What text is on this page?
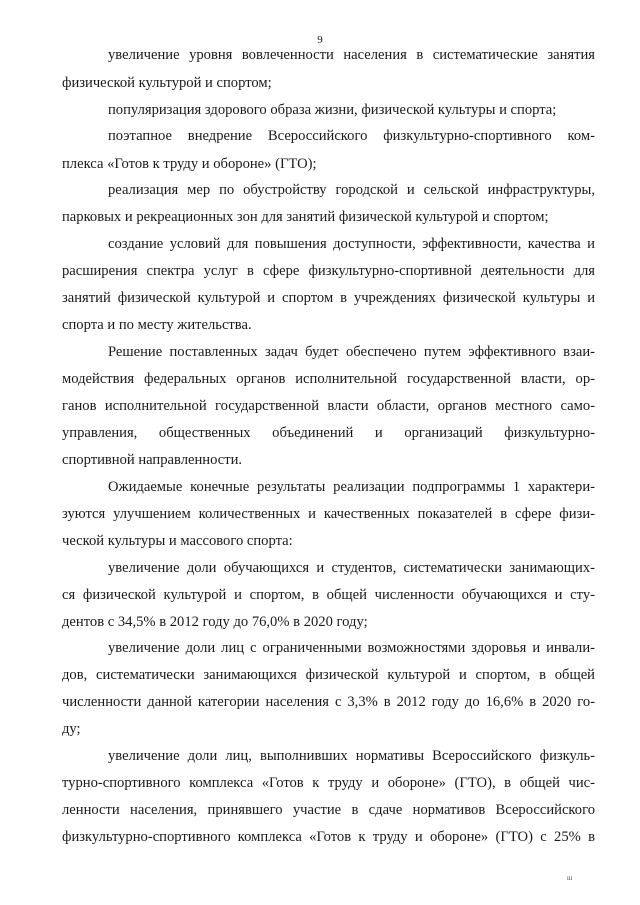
9
увеличение уровня вовлеченности населения в систематические занятия
физической культурой и спортом;
популяризация здорового образа жизни, физической культуры и спорта;
поэтапное внедрение Всероссийского физкультурно-спортивного ком-
плекса «Готов к труду и обороне» (ГТО);
реализация мер по обустройству городской и сельской инфраструктуры,
парковых и рекреационных зон для занятий физической культурой и спортом;
создание условий для повышения доступности, эффективности, качества и
расширения спектра услуг в сфере физкультурно-спортивной деятельности для
занятий физической культурой и спортом в учреждениях физической культуры и
спорта и по месту жительства.
Решение поставленных задач будет обеспечено путем эффективного взаи-
модействия федеральных органов исполнительной государственной власти, ор-
ганов исполнительной государственной власти области, органов местного само-
управления, общественных объединений и организаций физкультурно-
спортивной направленности.
Ожидаемые конечные результаты реализации подпрограммы 1 характери-
зуются улучшением количественных и качественных показателей в сфере физи-
ческой культуры и массового спорта:
увеличение доли обучающихся и студентов, систематически занимающих-
ся физической культурой и спортом, в общей численности обучающихся и сту-
дентов с 34,5% в 2012 году до 76,0% в 2020 году;
увеличение доли лиц с ограниченными возможностями здоровья и инвали-
дов, систематически занимающихся физической культурой и спортом, в общей
численности данной категории населения с 3,3% в 2012 году до 16,6% в 2020 го-
ду;
увеличение доли лиц, выполнивших нормативы Всероссийского физкуль-
турно-спортивного комплекса «Готов к труду и обороне» (ГТО), в общей чис-
ленности населения, принявшего участие в сдаче нормативов Всероссийского
физкультурно-спортивного комплекса «Готов к труду и обороне» (ГТО) с 25% в
ш
